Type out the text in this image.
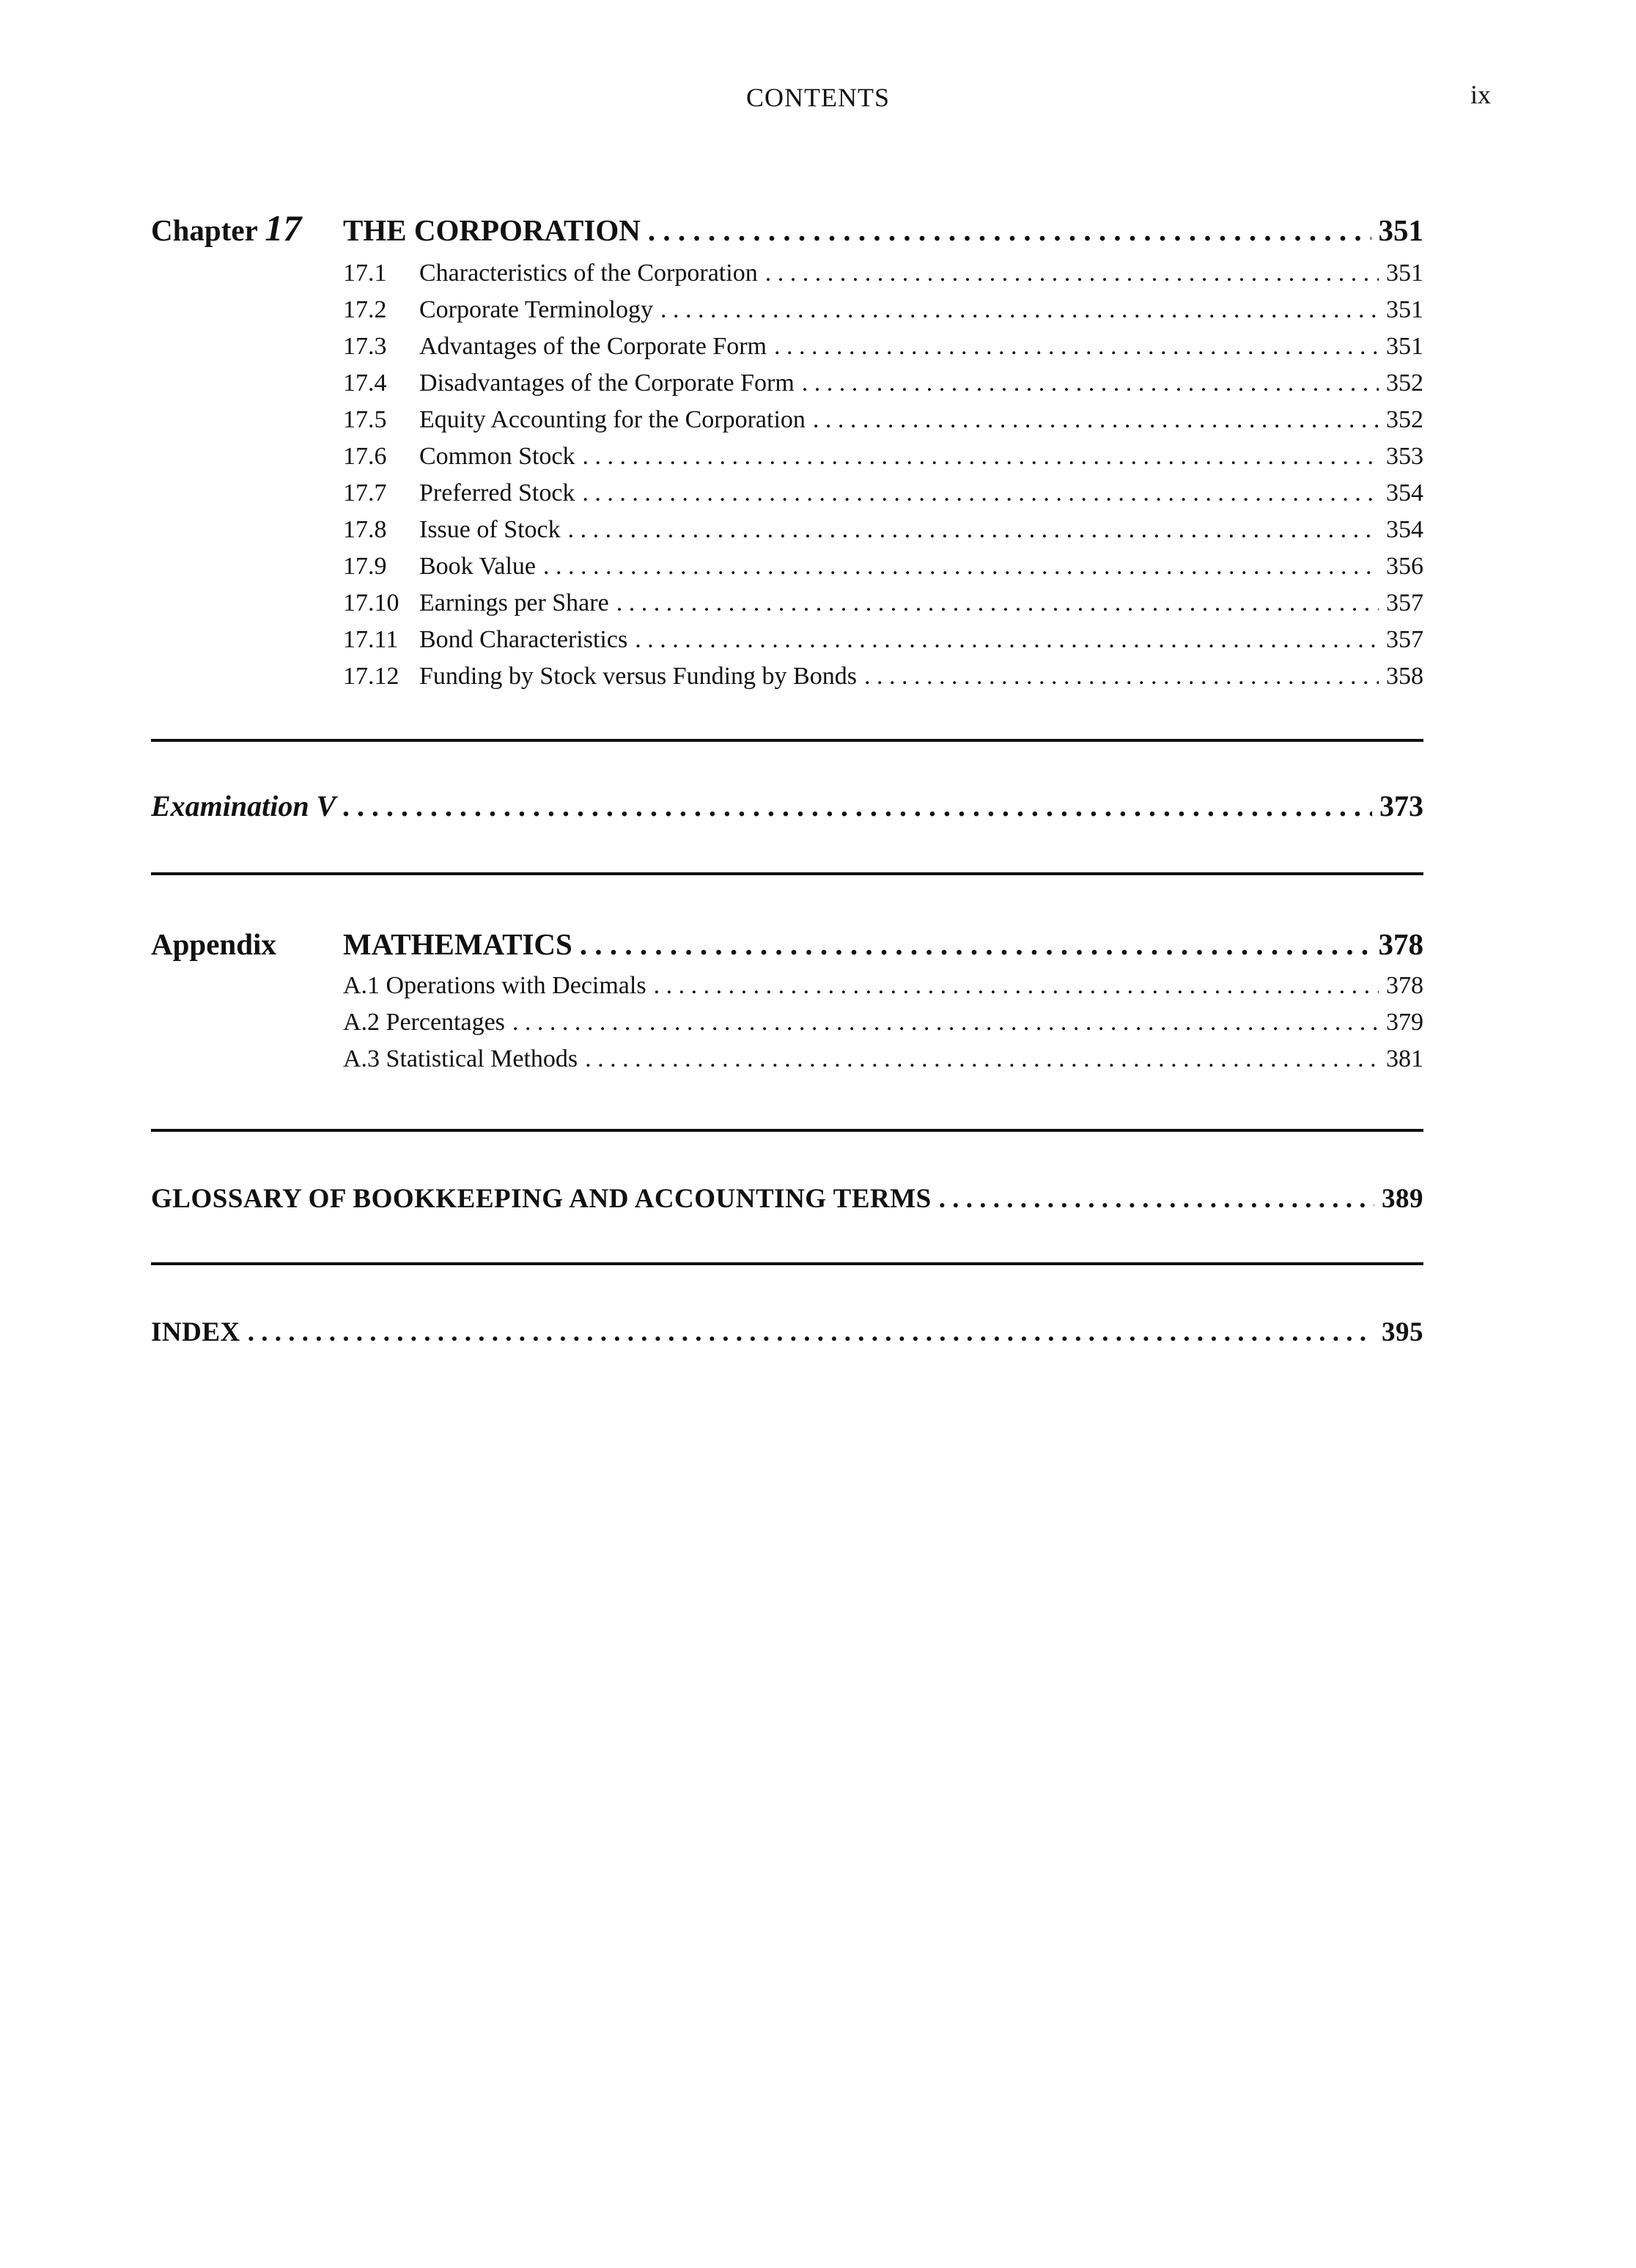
CONTENTS	ix
Chapter 17	THE CORPORATION . . .	351
17.1	Characteristics of the Corporation . . .	351
17.2	Corporate Terminology . . .	351
17.3	Advantages of the Corporate Form . . .	351
17.4	Disadvantages of the Corporate Form . . .	352
17.5	Equity Accounting for the Corporation . . .	352
17.6	Common Stock . . .	353
17.7	Preferred Stock . . .	354
17.8	Issue of Stock . . .	354
17.9	Book Value . . .	356
17.10 Earnings per Share . . .	357
17.11 Bond Characteristics . . .	357
17.12 Funding by Stock versus Funding by Bonds . . .	358
Examination V . . .	373
Appendix	MATHEMATICS . . .	378
A.1 Operations with Decimals . . .	378
A.2 Percentages . . .	379
A.3 Statistical Methods . . .	381
GLOSSARY OF BOOKKEEPING AND ACCOUNTING TERMS . . .	389
INDEX . . .	395
